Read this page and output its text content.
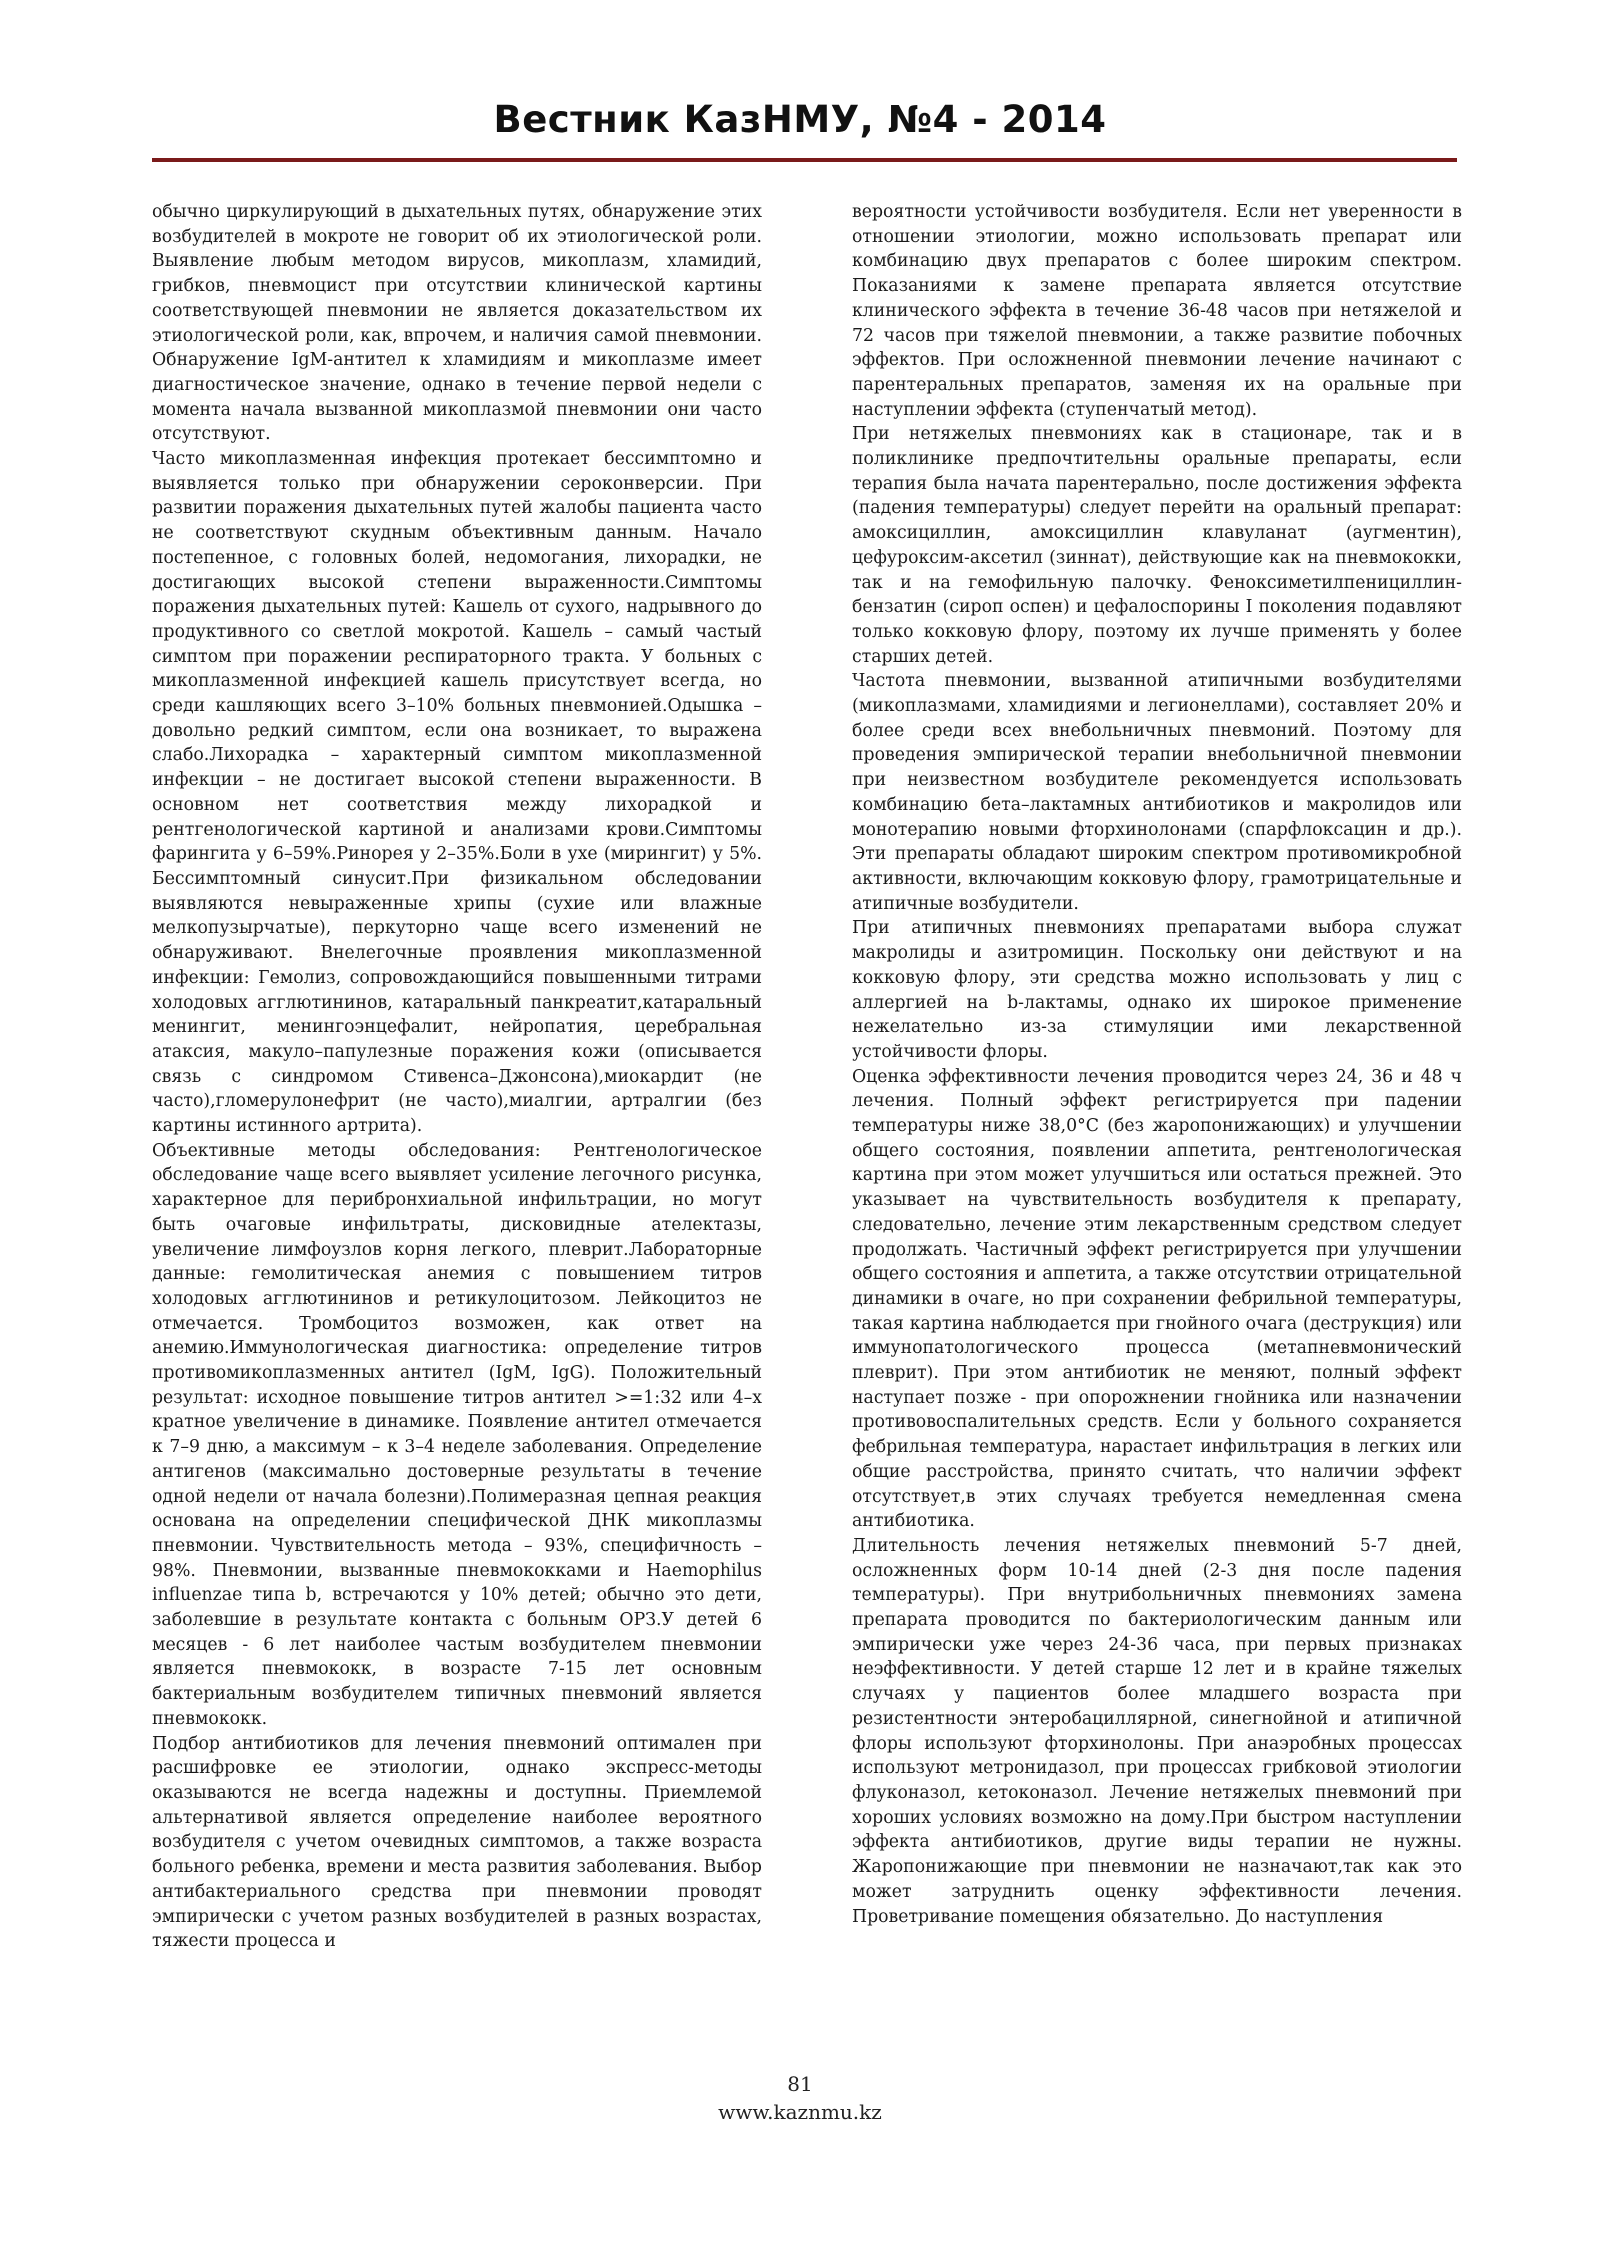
Вестник КазНМУ, №4 - 2014

обычно циркулирующий в дыхательных путях, обнаружение этих возбудителей в мокроте не говорит об их этиологической роли. Выявление любым методом вирусов, микоплазм, хламидий, грибков, пневмоцист при отсутствии клинической картины соответствующей пневмонии не является доказательством их этиологической роли, как, впрочем, и наличия самой пневмонии. Обнаружение IgM-антител к хламидиям и микоплазме имеет диагностическое значение, однако в течение первой недели с момента начала вызванной микоплазмой пневмонии они часто отсутствуют.

Часто микоплазменная инфекция протекает бессимптомно и выявляется только при обнаружении сероконверсии. При развитии поражения дыхательных путей жалобы пациента часто не соответствуют скудным объективным данным. Начало постепенное, с головных болей, недомогания, лихорадки, не достигающих высокой степени выраженности.Симптомы поражения дыхательных путей: Кашель от сухого, надрывного до продуктивного со светлой мокротой. Кашель – самый частый симптом при поражении респираторного тракта. У больных с микоплазменной инфекцией кашель присутствует всегда, но среди кашляющих всего 3–10% больных пневмонией.Одышка – довольно редкий симптом, если она возникает, то выражена слабо.Лихорадка – характерный симптом микоплазменной инфекции – не достигает высокой степени выраженности. В основном нет соответствия между лихорадкой и рентгенологической картиной и анализами крови.Симптомы фарингита у 6–59%.Ринорея у 2–35%.Боли в ухе (мирингит) у 5%. Бессимптомный синусит.При физикальном обследовании выявляются невыраженные хрипы (сухие или влажные мелкопузырчатые), перкуторно чаще всего изменений не обнаруживают. Внелегочные проявления микоплазменной инфекции: Гемолиз, сопровождающийся повышенными титрами холодовых агглютининов, катаральный панкреатит,катаральный менингит, менингоэнцефалит, нейропатия, церебральная атаксия, макуло–папулезные поражения кожи (описывается связь с синдромом Стивенса–Джонсона),миокардит (не часто),гломерулонефрит (не часто),миалгии, артралгии (без картины истинного артрита).

Объективные методы обследования: Рентгенологическое обследование чаще всего выявляет усиление легочного рисунка, характерное для перибронхиальной инфильтрации, но могут быть очаговые инфильтраты, дисковидные ателектазы, увеличение лимфоузлов корня легкого, плеврит.Лабораторные данные: гемолитическая анемия с повышением титров холодовых агглютининов и ретикулоцитозом. Лейкоцитоз не отмечается. Тромбоцитоз возможен, как ответ на анемию.Иммунологическая диагностика: определение титров противомикоплазменных антител (IgM, IgG). Положительный результат: исходное повышение титров антител >=1:32 или 4–х кратное увеличение в динамике. Появление антител отмечается к 7–9 дню, а максимум – к 3–4 неделе заболевания. Определение антигенов (максимально достоверные результаты в течение одной недели от начала болезни).Полимеразная цепная реакция основана на определении специфической ДНК микоплазмы пневмонии. Чувствительность метода – 93%, специфичность – 98%. Пневмонии, вызванные пневмококками и Haemophilus influenzae типа b, встречаются у 10% детей; обычно это дети, заболевшие в результате контакта с больным ОРЗ.У детей 6 месяцев - 6 лет наиболее частым возбудителем пневмонии является пневмококк, в возрасте 7-15 лет основным бактериальным возбудителем типичных пневмоний является пневмококк.

Подбор антибиотиков для лечения пневмоний оптимален при расшифровке ее этиологии, однако экспресс-методы оказываются не всегда надежны и доступны. Приемлемой альтернативой является определение наиболее вероятного возбудителя с учетом очевидных симптомов, а также возраста больного ребенка, времени и места развития заболевания. Выбор антибактериального средства при пневмонии проводят эмпирически с учетом разных возбудителей в разных возрастах, тяжести процесса и

вероятности устойчивости возбудителя. Если нет уверенности в отношении этиологии, можно использовать препарат или комбинацию двух препаратов с более широким спектром. Показаниями к замене препарата является отсутствие клинического эффекта в течение 36-48 часов при нетяжелой и 72 часов при тяжелой пневмонии, а также развитие побочных эффектов. При осложненной пневмонии лечение начинают с парентеральных препаратов, заменяя их на оральные при наступлении эффекта (ступенчатый метод).

При нетяжелых пневмониях как в стационаре, так и в поликлинике предпочтительны оральные препараты, если терапия была начата парентерально, после достижения эффекта (падения температуры) следует перейти на оральный препарат: амоксициллин, амоксициллин клавуланат (аугментин), цефуроксим-аксетил (зиннат), действующие как на пневмококки, так и на гемофильную палочку. Феноксиметилпенициллин-бензатин (сироп оспен) и цефалоспорины I поколения подавляют только кокковую флору, поэтому их лучше применять у более старших детей.

Частота пневмонии, вызванной атипичными возбудителями (микоплазмами, хламидиями и легионеллами), составляет 20% и более среди всех внебольничных пневмоний. Поэтому для проведения эмпирической терапии внебольничной пневмонии при неизвестном возбудителе рекомендуется использовать комбинацию бета–лактамных антибиотиков и макролидов или монотерапию новыми фторхинолонами (спарфлоксацин и др.). Эти препараты обладают широким спектром противомикробной активности, включающим кокковую флору, грамотрицательные и атипичные возбудители.

При атипичных пневмониях препаратами выбора служат макролиды и азитромицин. Поскольку они действуют и на кокковую флору, эти средства можно использовать у лиц с аллергией на b-лактамы, однако их широкое применение нежелательно из-за стимуляции ими лекарственной устойчивости флоры.

Оценка эффективности лечения проводится через 24, 36 и 48 ч лечения. Полный эффект регистрируется при падении температуры ниже 38,0°С (без жаропонижающих) и улучшении общего состояния, появлении аппетита, рентгенологическая картина при этом может улучшиться или остаться прежней. Это указывает на чувствительность возбудителя к препарату, следовательно, лечение этим лекарственным средством следует продолжать. Частичный эффект регистрируется при улучшении общего состояния и аппетита, а также отсутствии отрицательной динамики в очаге, но при сохранении фебрильной температуры, такая картина наблюдается при гнойного очага (деструкция) или иммунопатологического процесса (метапневмонический плеврит). При этом антибиотик не меняют, полный эффект наступает позже - при опорожнении гнойника или назначении противовоспалительных средств. Если у больного сохраняется фебрильная температура, нарастает инфильтрация в легких или общие расстройства, принято считать, что наличии эффект отсутствует,в этих случаях требуется немедленная смена антибиотика.

Длительность лечения нетяжелых пневмоний 5-7 дней, осложненных форм 10-14 дней (2-3 дня после падения температуры). При внутрибольничных пневмониях замена препарата проводится по бактериологическим данным или эмпирически уже через 24-36 часа, при первых признаках неэффективности. У детей старше 12 лет и в крайне тяжелых случаях у пациентов более младшего возраста при резистентности энтеробациллярной, синегнойной и атипичной флоры используют фторхинолоны. При анаэробных процессах используют метронидазол, при процессах грибковой этиологии флуконазол, кетоконазол. Лечение нетяжелых пневмоний при хороших условиях возможно на дому.При быстром наступлении эффекта антибиотиков, другие виды терапии не нужны. Жаропонижающие при пневмонии не назначают,так как это может затруднить оценку эффективности лечения. Проветривание помещения обязательно. До наступления

81
www.kaznmu.kz
